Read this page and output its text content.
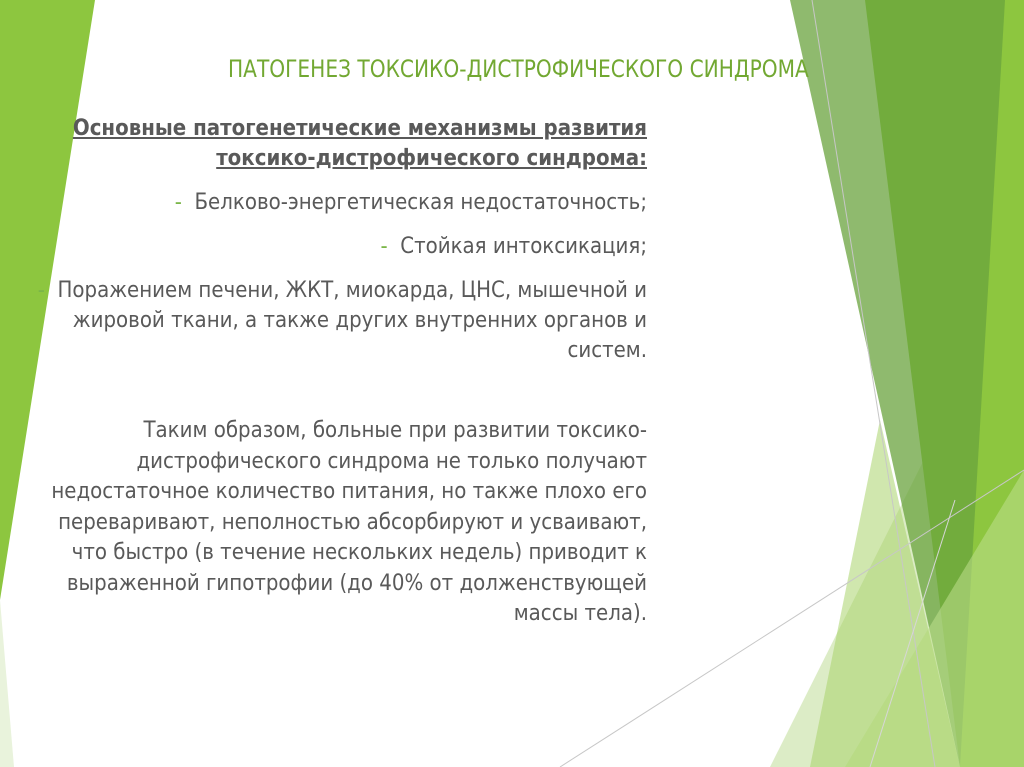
ПАТОГЕНЕЗ ТОКСИКО-ДИСТРОФИЧЕСКОГО СИНДРОМА

Основные патогенетические механизмы развития токсико-дистрофического синдрома:

- Белково-энергетическая недостаточность;

- Стойкая интоксикация;

- Поражением печени, ЖКТ, миокарда, ЦНС, мышечной и жировой ткани, а также других внутренних органов и систем.

Таким образом, больные при развитии токсико-дистрофического синдрома не только получают недостаточное количество питания, но также плохо его переваривают, неполностью абсорбируют и усваивают, что быстро (в течение нескольких недель) приводит к выраженной гипотрофии (до 40% от долженствующей массы тела).
